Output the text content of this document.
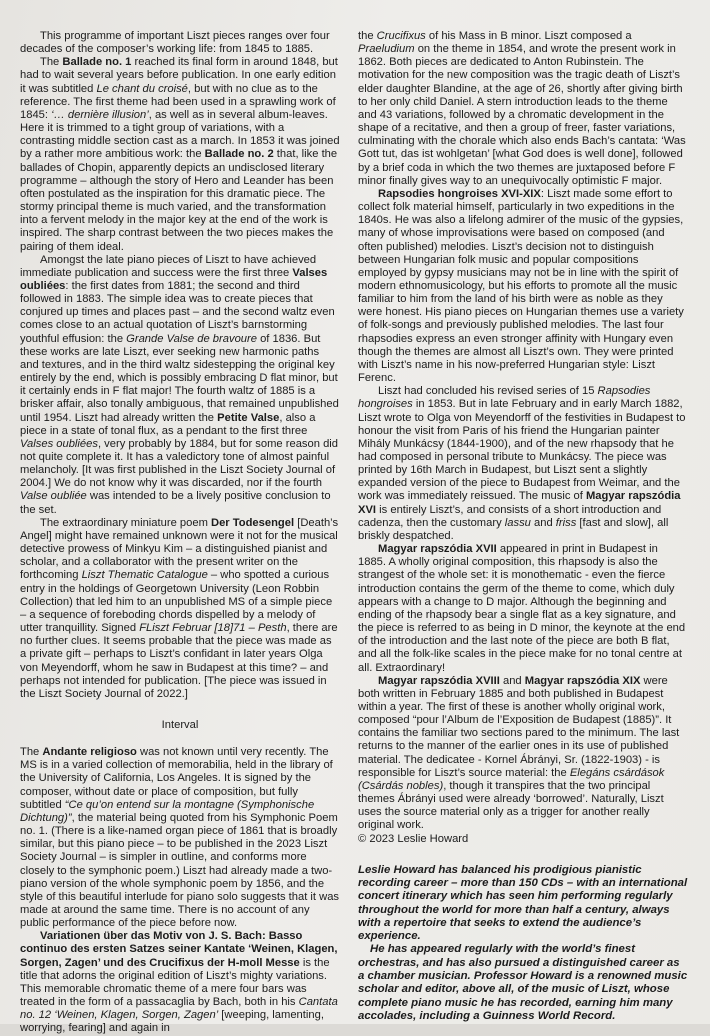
This programme of important Liszt pieces ranges over four decades of the composer’s working life: from 1845 to 1885.

The Ballade no. 1 reached its final form in around 1848, but had to wait several years before publication. In one early edition it was subtitled Le chant du croisé, but with no clue as to the reference. The first theme had been used in a sprawling work of 1845: ‘… dernière illusion’, as well as in several album-leaves. Here it is trimmed to a tight group of variations, with a contrasting middle section cast as a march. In 1853 it was joined by a rather more ambitious work: the Ballade no. 2 that, like the ballades of Chopin, apparently depicts an undisclosed literary programme – although the story of Hero and Leander has been often postulated as the inspiration for this dramatic piece. The stormy principal theme is much varied, and the transformation into a fervent melody in the major key at the end of the work is inspired. The sharp contrast between the two pieces makes the pairing of them ideal.

Amongst the late piano pieces of Liszt to have achieved immediate publication and success were the first three Valses oubliées: the first dates from 1881; the second and third followed in 1883. The simple idea was to create pieces that conjured up times and places past – and the second waltz even comes close to an actual quotation of Liszt’s barnstorming youthful effusion: the Grande Valse de bravoure of 1836. But these works are late Liszt, ever seeking new harmonic paths and textures, and in the third waltz sidestepping the original key entirely by the end, which is possibly embracing D flat minor, but it certainly ends in F flat major! The fourth waltz of 1885 is a brisker affair, also tonally ambiguous, that remained unpublished until 1954. Liszt had already written the Petite Valse, also a piece in a state of tonal flux, as a pendant to the first three Valses oubliées, very probably by 1884, but for some reason did not quite complete it. It has a valedictory tone of almost painful melancholy. [It was first published in the Liszt Society Journal of 2004.] We do not know why it was discarded, nor if the fourth Valse oubliée was intended to be a lively positive conclusion to the set.

The extraordinary miniature poem Der Todesengel [Death’s Angel] might have remained unknown were it not for the musical detective prowess of Minkyu Kim – a distinguished pianist and scholar, and a collaborator with the present writer on the forthcoming Liszt Thematic Catalogue – who spotted a curious entry in the holdings of Georgetown University (Leon Robbin Collection) that led him to an unpublished MS of a simple piece – a sequence of foreboding chords dispelled by a melody of utter tranquillity. Signed FLiszt Februar [18]71 – Pesth, there are no further clues. It seems probable that the piece was made as a private gift – perhaps to Liszt’s confidant in later years Olga von Meyendorff, whom he saw in Budapest at this time? – and perhaps not intended for publication. [The piece was issued in the Liszt Society Journal of 2022.]

Interval

The Andante religioso was not known until very recently. The MS is in a varied collection of memorabilia, held in the library of the University of California, Los Angeles. It is signed by the composer, without date or place of composition, but fully subtitled “Ce qu’on entend sur la montagne (Symphonische Dichtung)”, the material being quoted from his Symphonic Poem no. 1. (There is a like-named organ piece of 1861 that is broadly similar, but this piano piece – to be published in the 2023 Liszt Society Journal – is simpler in outline, and conforms more closely to the symphonic poem.) Liszt had already made a two-piano version of the whole symphonic poem by 1856, and the style of this beautiful interlude for piano solo suggests that it was made at around the same time. There is no account of any public performance of the piece before now.

Variationen über das Motiv von J. S. Bach: Basso continuo des ersten Satzes seiner Kantate ‘Weinen, Klagen, Sorgen, Zagen’ und des Crucifixus der H-moll Messe is the title that adorns the original edition of Liszt’s mighty variations. This memorable chromatic theme of a mere four bars was treated in the form of a passacaglia by Bach, both in his Cantata no. 12 ‘Weinen, Klagen, Sorgen, Zagen’ [weeping, lamenting, worrying, fearing] and again in

the Crucifixus of his Mass in B minor. Liszt composed a Praeludium on the theme in 1854, and wrote the present work in 1862. Both pieces are dedicated to Anton Rubinstein. The motivation for the new composition was the tragic death of Liszt’s elder daughter Blandine, at the age of 26, shortly after giving birth to her only child Daniel. A stern introduction leads to the theme and 43 variations, followed by a chromatic development in the shape of a recitative, and then a group of freer, faster variations, culminating with the chorale which also ends Bach’s cantata: ‘Was Gott tut, das ist wohlgetan’ [what God does is well done], followed by a brief coda in which the two themes are juxtaposed before F minor finally gives way to an unequivocally optimistic F major.

Rapsodies hongroises XVI-XIX: Liszt made some effort to collect folk material himself, particularly in two expeditions in the 1840s. He was also a lifelong admirer of the music of the gypsies, many of whose improvisations were based on composed (and often published) melodies. Liszt’s decision not to distinguish between Hungarian folk music and popular compositions employed by gypsy musicians may not be in line with the spirit of modern ethnomusicology, but his efforts to promote all the music familiar to him from the land of his birth were as noble as they were honest. His piano pieces on Hungarian themes use a variety of folk-songs and previously published melodies. The last four rhapsodies express an even stronger affinity with Hungary even though the themes are almost all Liszt’s own. They were printed with Liszt’s name in his now-preferred Hungarian style: Liszt Ferenc.

Liszt had concluded his revised series of 15 Rapsodies hongroises in 1853. But in late February and in early March 1882, Liszt wrote to Olga von Meyendorff of the festivities in Budapest to honour the visit from Paris of his friend the Hungarian painter Mihály Munkácsy (1844-1900), and of the new rhapsody that he had composed in personal tribute to Munkácsy. The piece was printed by 16th March in Budapest, but Liszt sent a slightly expanded version of the piece to Budapest from Weimar, and the work was immediately reissued. The music of Magyar rapszódia XVI is entirely Liszt’s, and consists of a short introduction and cadenza, then the customary lassu and friss [fast and slow], all briskly despatched.

Magyar rapszódia XVII appeared in print in Budapest in 1885. A wholly original composition, this rhapsody is also the strangest of the whole set: it is monothematic - even the fierce introduction contains the germ of the theme to come, which duly appears with a change to D major. Although the beginning and ending of the rhapsody bear a single flat as a key signature, and the piece is referred to as being in D minor, the keynote at the end of the introduction and the last note of the piece are both B flat, and all the folk-like scales in the piece make for no tonal centre at all. Extraordinary!

Magyar rapszódia XVIII and Magyar rapszódia XIX were both written in February 1885 and both published in Budapest within a year. The first of these is another wholly original work, composed “pour l’Album de l’Exposition de Budapest (1885)”. It contains the familiar two sections pared to the minimum. The last returns to the manner of the earlier ones in its use of published material. The dedicatee - Kornel Ábrányi, Sr. (1822-1903) - is responsible for Liszt’s source material: the Elegáns csárdások (Csárdás nobles), though it transpires that the two principal themes Ábrányi used were already ‘borrowed’. Naturally, Liszt uses the source material only as a trigger for another really original work.

© 2023 Leslie Howard

Leslie Howard has balanced his prodigious pianistic recording career – more than 150 CDs – with an international concert itinerary which has seen him performing regularly throughout the world for more than half a century, always with a repertoire that seeks to extend the audience’s experience.

He has appeared regularly with the world’s finest orchestras, and has also pursued a distinguished career as a chamber musician. Professor Howard is a renowned music scholar and editor, above all, of the music of Liszt, whose complete piano music he has recorded, earning him many accolades, including a Guinness World Record.
